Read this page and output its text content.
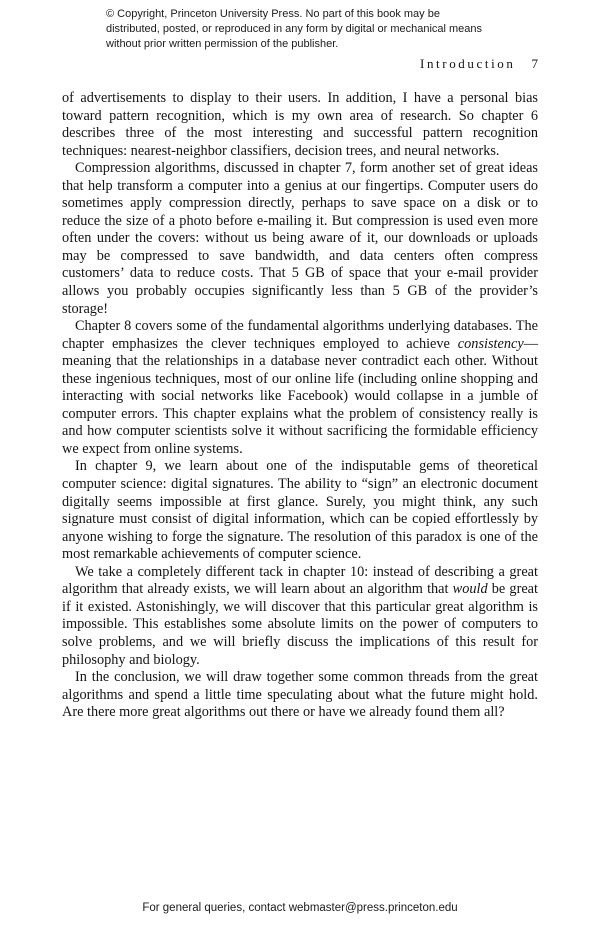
© Copyright, Princeton University Press. No part of this book may be distributed, posted, or reproduced in any form by digital or mechanical means without prior written permission of the publisher.
Introduction 7

of advertisements to display to their users. In addition, I have a personal bias toward pattern recognition, which is my own area of research. So chapter 6 describes three of the most interesting and successful pattern recognition techniques: nearest-neighbor classifiers, decision trees, and neural networks.

Compression algorithms, discussed in chapter 7, form another set of great ideas that help transform a computer into a genius at our fingertips. Computer users do sometimes apply compression directly, perhaps to save space on a disk or to reduce the size of a photo before e-mailing it. But compression is used even more often under the covers: without us being aware of it, our downloads or uploads may be compressed to save bandwidth, and data centers often compress customers’ data to reduce costs. That 5 GB of space that your e-mail provider allows you probably occupies significantly less than 5 GB of the provider’s storage!

Chapter 8 covers some of the fundamental algorithms underlying databases. The chapter emphasizes the clever techniques employed to achieve consistency—meaning that the relationships in a database never contradict each other. Without these ingenious techniques, most of our online life (including online shopping and interacting with social networks like Facebook) would collapse in a jumble of computer errors. This chapter explains what the problem of consistency really is and how computer scientists solve it without sacrificing the formidable efficiency we expect from online systems.

In chapter 9, we learn about one of the indisputable gems of theoretical computer science: digital signatures. The ability to “sign” an electronic document digitally seems impossible at first glance. Surely, you might think, any such signature must consist of digital information, which can be copied effortlessly by anyone wishing to forge the signature. The resolution of this paradox is one of the most remarkable achievements of computer science.

We take a completely different tack in chapter 10: instead of describing a great algorithm that already exists, we will learn about an algorithm that would be great if it existed. Astonishingly, we will discover that this particular great algorithm is impossible. This establishes some absolute limits on the power of computers to solve problems, and we will briefly discuss the implications of this result for philosophy and biology.

In the conclusion, we will draw together some common threads from the great algorithms and spend a little time speculating about what the future might hold. Are there more great algorithms out there or have we already found them all?

For general queries, contact webmaster@press.princeton.edu
